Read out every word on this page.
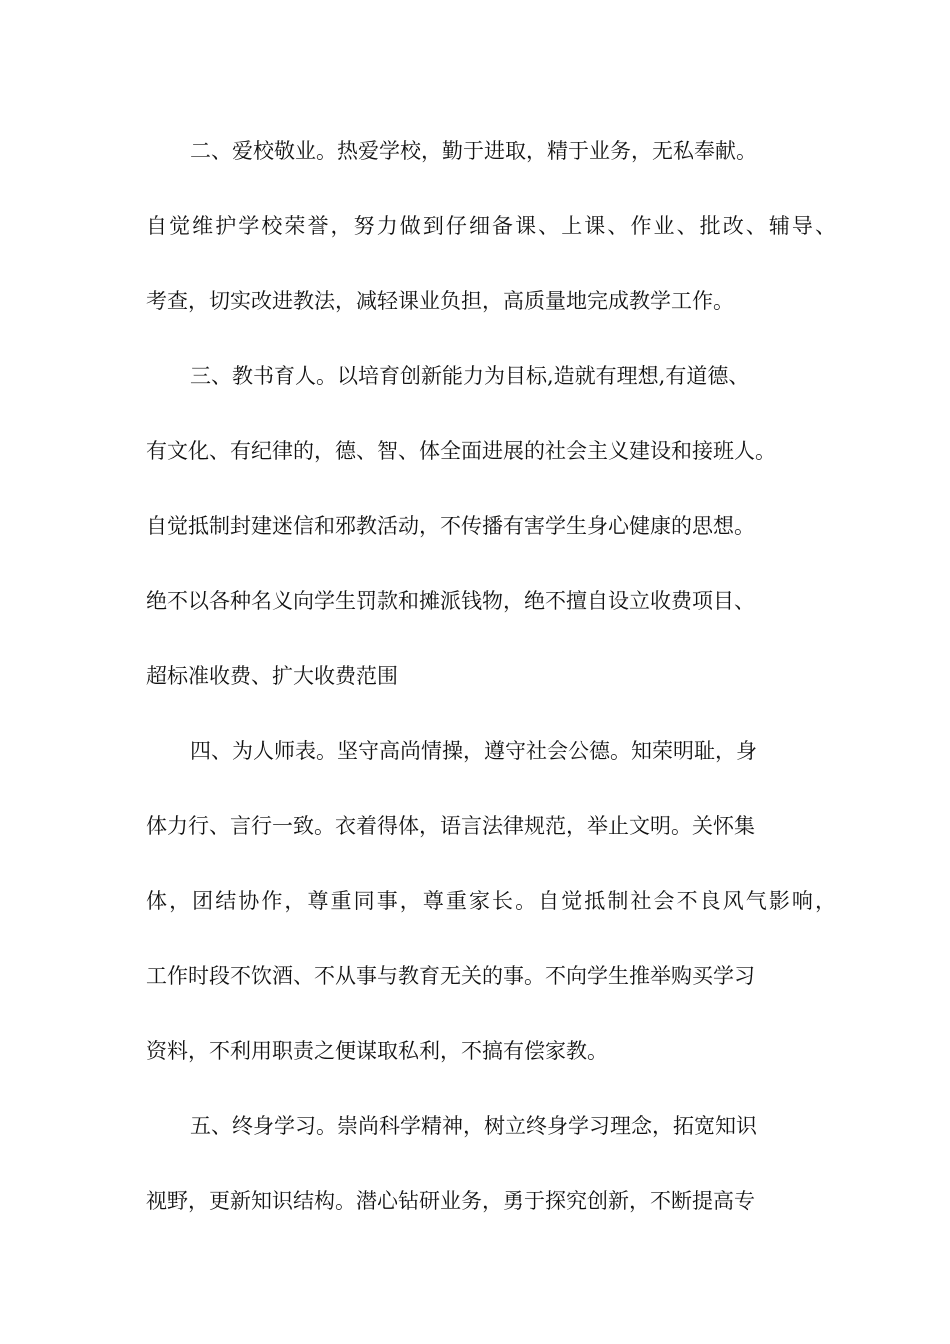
二、爱校敬业。热爱学校，勤于进取，精于业务，无私奉献。

自觉维护学校荣誉，努力做到仔细备课、上课、作业、批改、辅导、

考查，切实改进教法，减轻课业负担，高质量地完成教学工作。

三、教书育人。以培育创新能力为目标,造就有理想,有道德、

有文化、有纪律的，德、智、体全面进展的社会主义建设和接班人。

自觉抵制封建迷信和邪教活动，不传播有害学生身心健康的思想。

绝不以各种名义向学生罚款和摊派钱物，绝不擅自设立收费项目、

超标准收费、扩大收费范围

四、为人师表。坚守高尚情操，遵守社会公德。知荣明耻，身

体力行、言行一致。衣着得体，语言法律规范，举止文明。关怀集

体，团结协作，尊重同事，尊重家长。自觉抵制社会不良风气影响，

工作时段不饮酒、不从事与教育无关的事。不向学生推举购买学习

资料，不利用职责之便谋取私利，不搞有偿家教。

五、终身学习。崇尚科学精神，树立终身学习理念，拓宽知识

视野，更新知识结构。潜心钻研业务，勇于探究创新，不断提高专
